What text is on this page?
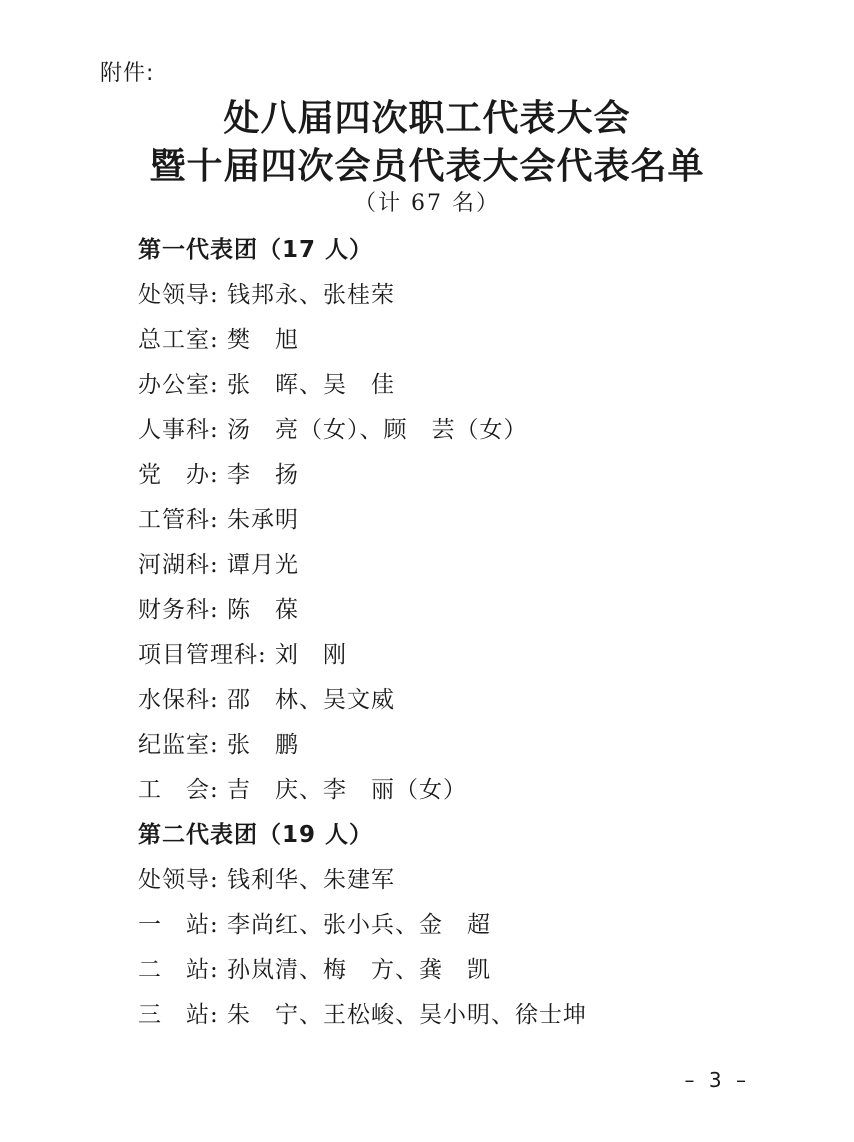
附件:
处八届四次职工代表大会
暨十届四次会员代表大会代表名单
（计 67 名）
第一代表团（17 人）
处领导: 钱邦永、张桂荣
总工室: 樊　旭
办公室: 张　晖、吴　佳
人事科: 汤　亮（女）、顾　芸（女）
党　办: 李　扬
工管科: 朱承明
河湖科: 谭月光
财务科: 陈　葆
项目管理科: 刘　刚
水保科: 邵　林、吴文威
纪监室: 张　鹏
工　会: 吉　庆、李　丽（女）
第二代表团（19 人）
处领导: 钱利华、朱建军
一　站: 李尚红、张小兵、金　超
二　站: 孙岚清、梅　方、龚　凯
三　站: 朱　宁、王松峻、吴小明、徐士坤
– 3 –
